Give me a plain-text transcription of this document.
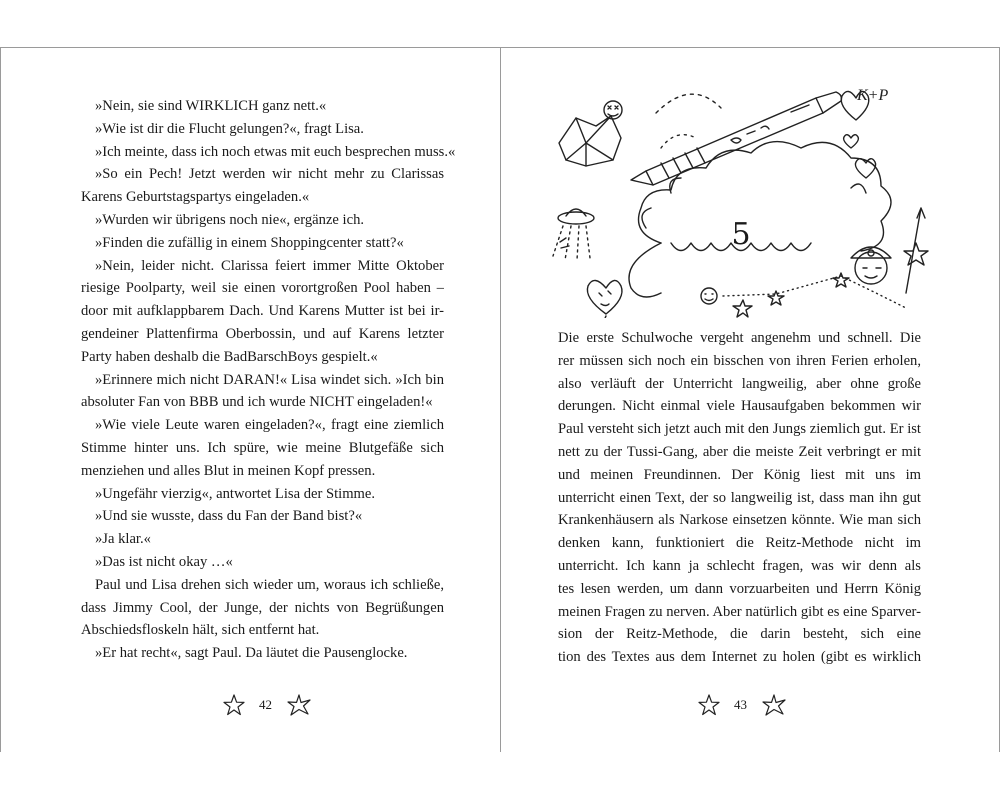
»Nein, sie sind WIRKLICH ganz nett.«
»Wie ist dir die Flucht gelungen?«, fragt Lisa.
»Ich meinte, dass ich noch etwas mit euch besprechen muss.«
»So ein Pech! Jetzt werden wir nicht mehr zu Clarissas
Karens Geburtstagspartys eingeladen.«
»Wurden wir übrigens noch nie«, ergänze ich.
»Finden die zufällig in einem Shoppingcenter statt?«
»Nein, leider nicht. Clarissa feiert immer Mitte Oktober
riesige Poolparty, weil sie einen vorortgroßen Pool haben –
door mit aufklappbarem Dach. Und Karens Mutter ist bei ir-
gendeiner Plattenfirma Oberbossin, und auf Karens letzter
Party haben deshalb die BadBarschBoys gespielt.«
»Erinnere mich nicht DARAN!« Lisa windet sich. »Ich bin
absoluter Fan von BBB und ich wurde NICHT eingeladen!«
»Wie viele Leute waren eingeladen?«, fragt eine ziemlich
Stimme hinter uns. Ich spüre, wie meine Blutgefäße sich
menziehen und alles Blut in meinen Kopf pressen.
»Ungefähr vierzig«, antwortet Lisa der Stimme.
»Und sie wusste, dass du Fan der Band bist?«
»Ja klar.«
»Das ist nicht okay …«
Paul und Lisa drehen sich wieder um, woraus ich schließe,
dass Jimmy Cool, der Junge, der nichts von Begrüßungen
Abschiedsfloskeln hält, sich entfernt hat.
»Er hat recht«, sagt Paul. Da läutet die Pausenglocke.
42
K+P
5
Die erste Schulwoche vergeht angenehm und schnell. Die
rer müssen sich noch ein bisschen von ihren Ferien erholen,
also verläuft der Unterricht langweilig, aber ohne große
derungen. Nicht einmal viele Hausaufgaben bekommen wir
Paul versteht sich jetzt auch mit den Jungs ziemlich gut. Er ist
nett zu der Tussi-Gang, aber die meiste Zeit verbringt er mit
und meinen Freundinnen. Der König liest mit uns im
unterricht einen Text, der so langweilig ist, dass man ihn gut
Krankenhäusern als Narkose einsetzen könnte. Wie man sich
denken kann, funktioniert die Reitz-Methode nicht im
unterricht. Ich kann ja schlecht fragen, was wir denn als
tes lesen werden, um dann vorzuarbeiten und Herrn König
meinen Fragen zu nerven. Aber natürlich gibt es eine Sparver-
sion der Reitz-Methode, die darin besteht, sich eine
tion des Textes aus dem Internet zu holen (gibt es wirklich
43
